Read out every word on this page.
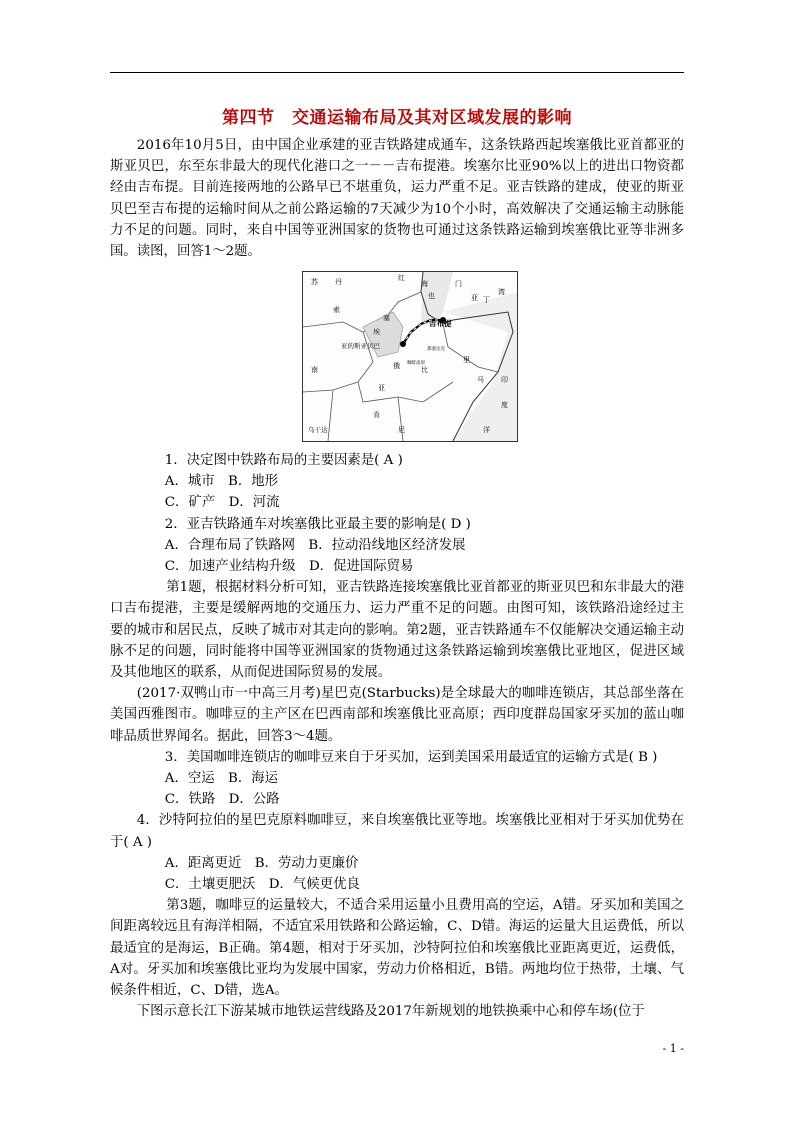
第四节　交通运输布局及其对区域发展的影响

2016年10月5日，由中国企业承建的亚吉铁路建成通车，这条铁路西起埃塞俄比亚首都亚的斯亚贝巴，东至东非最大的现代化港口之一－－吉布提港。埃塞尔比亚90%以上的进出口物资都经由吉布提。目前连接两地的公路早已不堪重负，运力严重不足。亚吉铁路的建成，使亚的斯亚贝巴至吉布提的运输时间从之前公路运输的7天减少为10个小时，高效解决了交通运输主动脉能力不足的问题。同时，来自中国等亚洲国家的货物也可通过这条铁路运输到埃塞俄比亚等非洲多国。读图，回答1～2题。

苏 丹	红
海
也
门
亚 丁
湾
吉布提
亚的斯亚贝巴
比
亚
马
里
印
度
洋
南
乌干达
肯
尼
索
埃
塞
俄 咖啡高原
那塞达克

1．决定图中铁路布局的主要因素是( A )

A．城市　B．地形

C．矿产　D．河流

2．亚吉铁路通车对埃塞俄比亚最主要的影响是( D )

A．合理布局了铁路网　B．拉动沿线地区经济发展

C．加速产业结构升级　D．促进国际贸易

第1题，根据材料分析可知，亚吉铁路连接埃塞俄比亚首都亚的斯亚贝巴和东非最大的港口吉布提港，主要是缓解两地的交通压力、运力严重不足的问题。由图可知，该铁路沿途经过主要的城市和居民点，反映了城市对其走向的影响。第2题，亚吉铁路通车不仅能解决交通运输主动脉不足的问题，同时能将中国等亚洲国家的货物通过这条铁路运输到埃塞俄比亚地区，促进区域及其他地区的联系，从而促进国际贸易的发展。

(2017·双鸭山市一中高三月考)星巴克(Starbucks)是全球最大的咖啡连锁店，其总部坐落在美国西雅图市。咖啡豆的主产区在巴西南部和埃塞俄比亚高原；西印度群岛国家牙买加的蓝山咖啡品质世界闻名。据此，回答3～4题。

3．美国咖啡连锁店的咖啡豆来自于牙买加，运到美国采用最适宜的运输方式是( B )

A．空运　B．海运

C．铁路　D．公路

4．沙特阿拉伯的星巴克原料咖啡豆，来自埃塞俄比亚等地。埃塞俄比亚相对于牙买加优势在于( A )

A．距离更近　B．劳动力更廉价

C．土壤更肥沃　D．气候更优良

第3题，咖啡豆的运量较大，不适合采用运量小且费用高的空运，A错。牙买加和美国之间距离较远且有海洋相隔，不适宜采用铁路和公路运输，C、D错。海运的运量大且运费低，所以最适宜的是海运，B正确。第4题，相对于牙买加，沙特阿拉伯和埃塞俄比亚距离更近，运费低，A对。牙买加和埃塞俄比亚均为发展中国家，劳动力价格相近，B错。两地均位于热带，土壤、气候条件相近，C、D错，选A。

下图示意长江下游某城市地铁运营线路及2017年新规划的地铁换乘中心和停车场(位于

- 1 -
